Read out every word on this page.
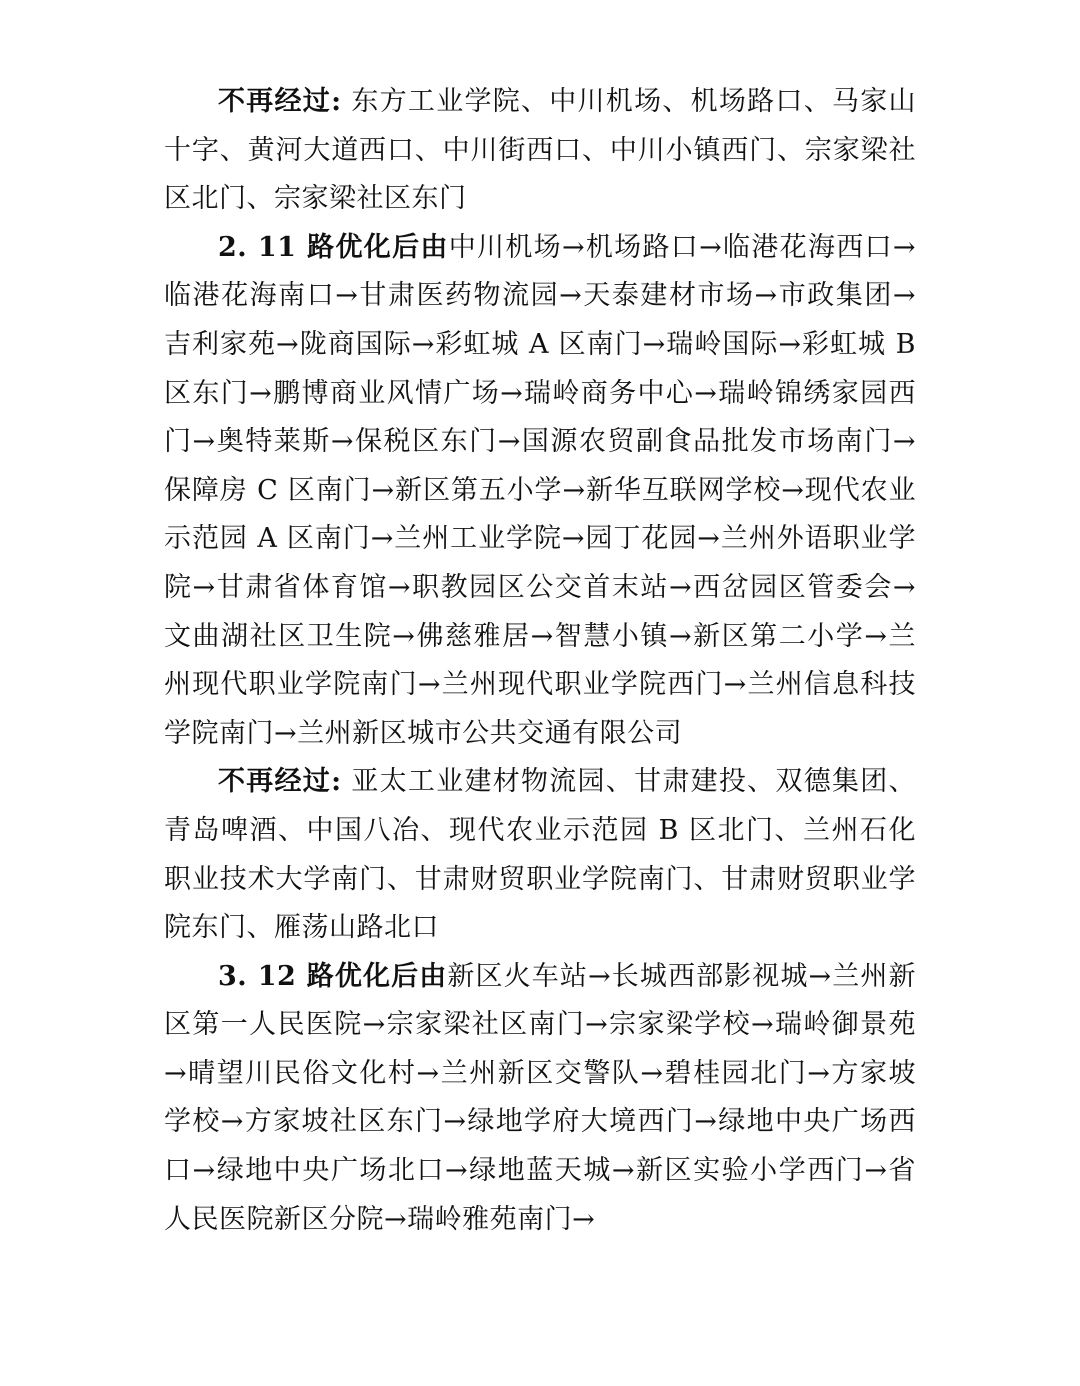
不再经过: 东方工业学院、中川机场、机场路口、马家山十字、黄河大道西口、中川街西口、中川小镇西门、宗家梁社区北门、宗家梁社区东门

2. 11 路优化后由中川机场→机场路口→临港花海西口→临港花海南口→甘肃医药物流园→天泰建材市场→市政集团→吉利家苑→陇商国际→彩虹城 A 区南门→瑞岭国际→彩虹城 B 区东门→鹏博商业风情广场→瑞岭商务中心→瑞岭锦绣家园西门→奥特莱斯→保税区东门→国源农贸副食品批发市场南门→保障房 C 区南门→新区第五小学→新华互联网学校→现代农业示范园 A 区南门→兰州工业学院→园丁花园→兰州外语职业学院→甘肃省体育馆→职教园区公交首末站→西岔园区管委会→文曲湖社区卫生院→佛慈雅居→智慧小镇→新区第二小学→兰州现代职业学院南门→兰州现代职业学院西门→兰州信息科技学院南门→兰州新区城市公共交通有限公司

不再经过: 亚太工业建材物流园、甘肃建投、双德集团、青岛啤酒、中国八冶、现代农业示范园 B 区北门、兰州石化职业技术大学南门、甘肃财贸职业学院南门、甘肃财贸职业学院东门、雁荡山路北口

3. 12 路优化后由新区火车站→长城西部影视城→兰州新区第一人民医院→宗家梁社区南门→宗家梁学校→瑞岭御景苑→晴望川民俗文化村→兰州新区交警队→碧桂园北门→方家坡学校→方家坡社区东门→绿地学府大境西门→绿地中央广场西口→绿地中央广场北口→绿地蓝天城→新区实验小学西门→省人民医院新区分院→瑞岭雅苑南门→
